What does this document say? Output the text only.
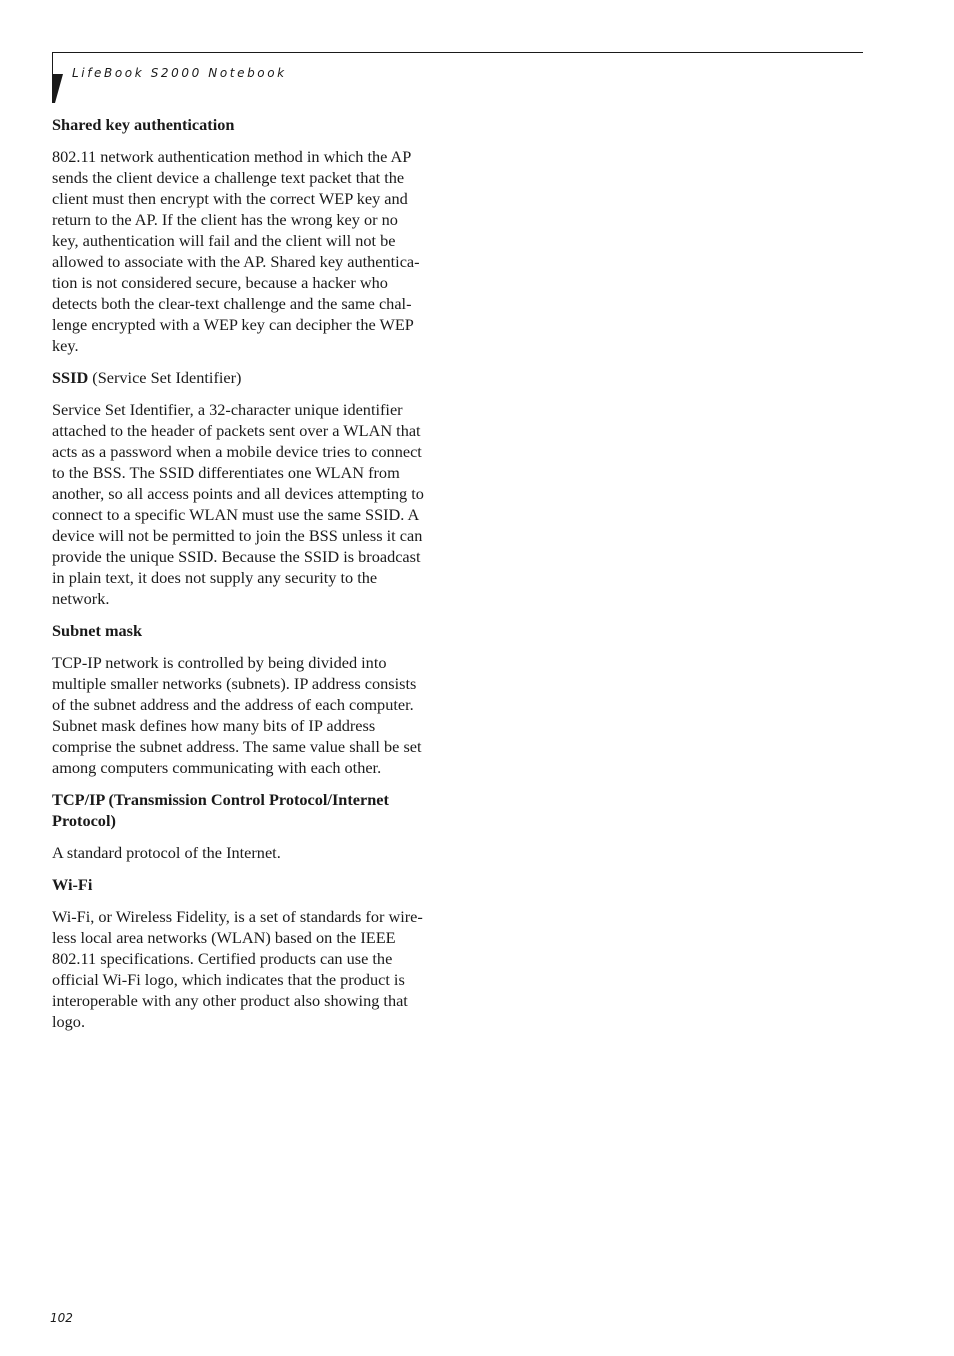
LifeBook S2000 Notebook
Shared key authentication
802.11 network authentication method in which the AP
sends the client device a challenge text packet that the
client must then encrypt with the correct WEP key and
return to the AP. If the client has the wrong key or no
key, authentication will fail and the client will not be
allowed to associate with the AP. Shared key authentica-
tion is not considered secure, because a hacker who
detects both the clear-text challenge and the same chal-
lenge encrypted with a WEP key can decipher the WEP
key.
SSID (Service Set Identifier)
Service Set Identifier, a 32-character unique identifier
attached to the header of packets sent over a WLAN that
acts as a password when a mobile device tries to connect
to the BSS. The SSID differentiates one WLAN from
another, so all access points and all devices attempting to
connect to a specific WLAN must use the same SSID. A
device will not be permitted to join the BSS unless it can
provide the unique SSID. Because the SSID is broadcast
in plain text, it does not supply any security to the
network.
Subnet mask
TCP-IP network is controlled by being divided into
multiple smaller networks (subnets). IP address consists
of the subnet address and the address of each computer.
Subnet mask defines how many bits of IP address
comprise the subnet address. The same value shall be set
among computers communicating with each other.
TCP/IP (Transmission Control Protocol/Internet
Protocol)
A standard protocol of the Internet.
Wi-Fi
Wi-Fi, or Wireless Fidelity, is a set of standards for wire-
less local area networks (WLAN) based on the IEEE
802.11 specifications. Certified products can use the
official Wi-Fi logo, which indicates that the product is
interoperable with any other product also showing that
logo.
102
